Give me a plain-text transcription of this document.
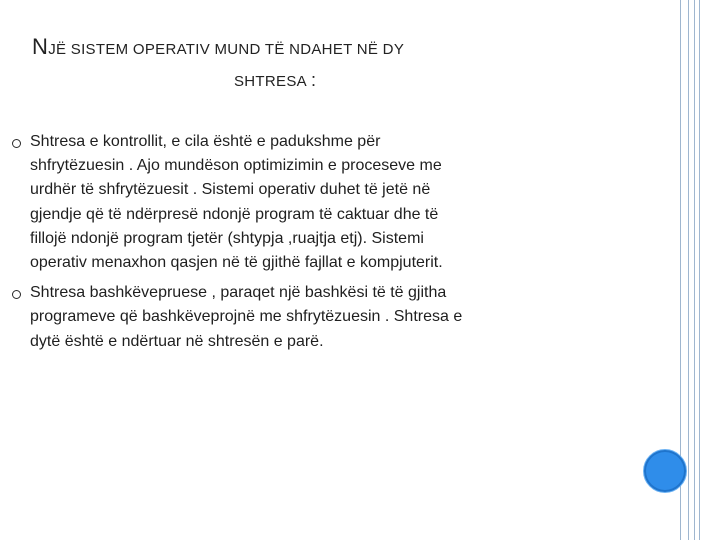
NJË SISTEM OPERATIV MUND TË NDAHET NË DY
SHTRESA :
Shtresa e kontrollit, e cila është e padukshme për
shfrytëzuesin . Ajo mundëson optimizimin e proceseve me
urdhër të shfrytëzuesit . Sistemi operativ duhet të jetë në
gjendje që të ndërpresë ndonjë program të caktuar dhe të
fillojë ndonjë program tjetër (shtypja ,ruajtja etj). Sistemi
operativ menaxhon qasjen në të gjithë fajllat e kompjuterit.
Shtresa bashkëvepruese , paraqet një bashkësi të të gjitha
programeve që bashkëveprojnë me shfrytëzuesin . Shtresa e
dytë është e ndërtuar në shtresën e parë.
